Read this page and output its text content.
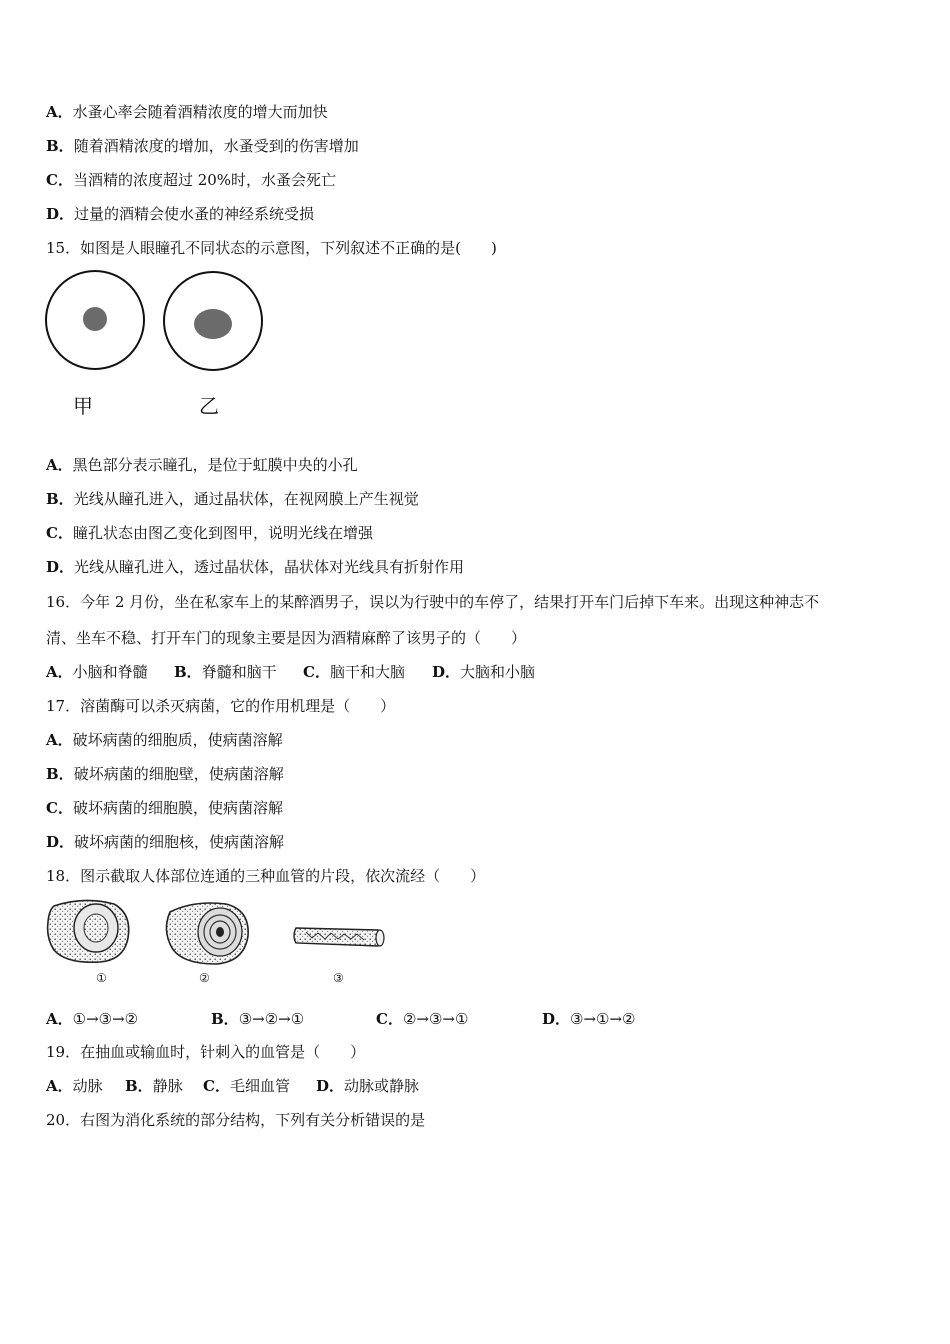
A．水蚤心率会随着酒精浓度的增大而加快
B．随着酒精浓度的增加，水蚤受到的伤害增加
C．当酒精的浓度超过 20%时，水蚤会死亡
D．过量的酒精会使水蚤的神经系统受损
15．如图是人眼瞳孔不同状态的示意图，下列叙述不正确的是(　　)
甲	乙
A．黑色部分表示瞳孔，是位于虹膜中央的小孔
B．光线从瞳孔进入，通过晶状体，在视网膜上产生视觉
C．瞳孔状态由图乙变化到图甲，说明光线在增强
D．光线从瞳孔进入，透过晶状体，晶状体对光线具有折射作用
16．今年 2 月份，坐在私家车上的某醉酒男子，误以为行驶中的车停了，结果打开车门后掉下车来。出现这种神志不
清、坐车不稳、打开车门的现象主要是因为酒精麻醉了该男子的（　　）
A．小脑和脊髓 B．脊髓和脑干 C．脑干和大脑 D．大脑和小脑
17．溶菌酶可以杀灭病菌，它的作用机理是（　　）
A．破坏病菌的细胞质，使病菌溶解
B．破坏病菌的细胞壁，使病菌溶解
C．破坏病菌的细胞膜，使病菌溶解
D．破坏病菌的细胞核，使病菌溶解
18．图示截取人体部位连通的三种血管的片段，依次流经（　　）
①	②	③
A．①→③→②	B．③→②→①	C．②→③→①	D．③→①→②
19．在抽血或输血时，针刺入的血管是（　　）
A．动脉 B．静脉 C．毛细血管 D．动脉或静脉
20．右图为消化系统的部分结构，下列有关分析错误的是
